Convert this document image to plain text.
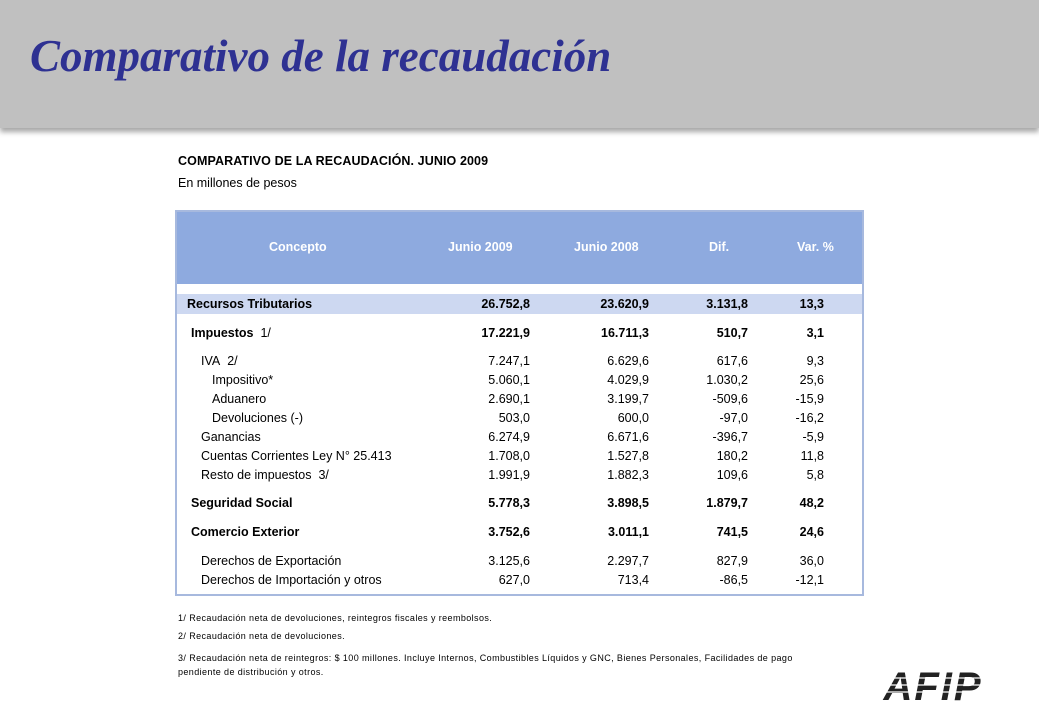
Comparativo de la recaudación
COMPARATIVO DE LA RECAUDACIÓN. JUNIO 2009
En millones de pesos
Concepto	Junio 2009	Junio 2008	Dif.	Var. %
Recursos Tributarios	26.752,8	23.620,9	3.131,8	13,3
Impuestos 1/	17.221,9	16.711,3	510,7	3,1
IVA 2/	7.247,1	6.629,6	617,6	9,3
Impositivo*	5.060,1	4.029,9	1.030,2	25,6
Aduanero	2.690,1	3.199,7	-509,6	-15,9
Devoluciones (-)	503,0	600,0	-97,0	-16,2
Ganancias	6.274,9	6.671,6	-396,7	-5,9
Cuentas Corrientes Ley N° 25.413	1.708,0	1.527,8	180,2	11,8
Resto de impuestos 3/	1.991,9	1.882,3	109,6	5,8
Seguridad Social	5.778,3	3.898,5	1.879,7	48,2
Comercio Exterior	3.752,6	3.011,1	741,5	24,6
Derechos de Exportación	3.125,6	2.297,7	827,9	36,0
Derechos de Importación y otros	627,0	713,4	-86,5	-12,1
1/ Recaudación neta de devoluciones, reintegros fiscales y reembolsos.
2/ Recaudación neta de devoluciones.
3/ Recaudación neta de reintegros: $ 100 millones. Incluye Internos, Combustibles Líquidos y GNC, Bienes Personales, Facilidades de pago
pendiente de distribución y otros.	AFIP
